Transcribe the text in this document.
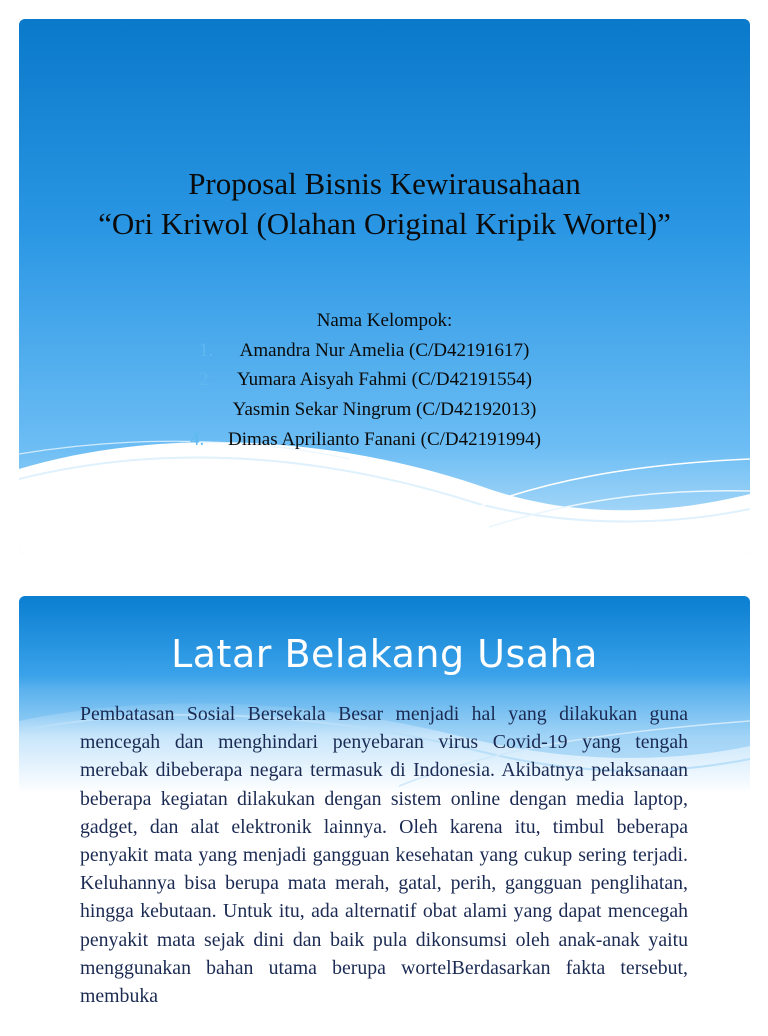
Proposal Bisnis Kewirausahaan
“Ori Kriwol (Olahan Original Kripik Wortel)”
Nama Kelompok:
1. Amandra Nur Amelia (C/D42191617)
2. Yumara Aisyah Fahmi (C/D42191554)
3. Yasmin Sekar Ningrum (C/D42192013)
4. Dimas Aprilianto Fanani (C/D42191994)
Latar Belakang Usaha
Pembatasan Sosial Bersekala Besar menjadi hal yang dilakukan guna mencegah dan menghindari penyebaran virus Covid-19 yang tengah merebak dibeberapa negara termasuk di Indonesia. Akibatnya pelaksanaan beberapa kegiatan dilakukan dengan sistem online dengan media laptop, gadget, dan alat elektronik lainnya. Oleh karena itu, timbul beberapa penyakit mata yang menjadi gangguan kesehatan yang cukup sering terjadi. Keluhannya bisa berupa mata merah, gatal, perih, gangguan penglihatan, hingga kebutaan. Untuk itu, ada alternatif obat alami yang dapat mencegah penyakit mata sejak dini dan baik pula dikonsumsi oleh anak-anak yaitu menggunakan bahan utama berupa wortelBerdasarkan fakta tersebut, membuka
